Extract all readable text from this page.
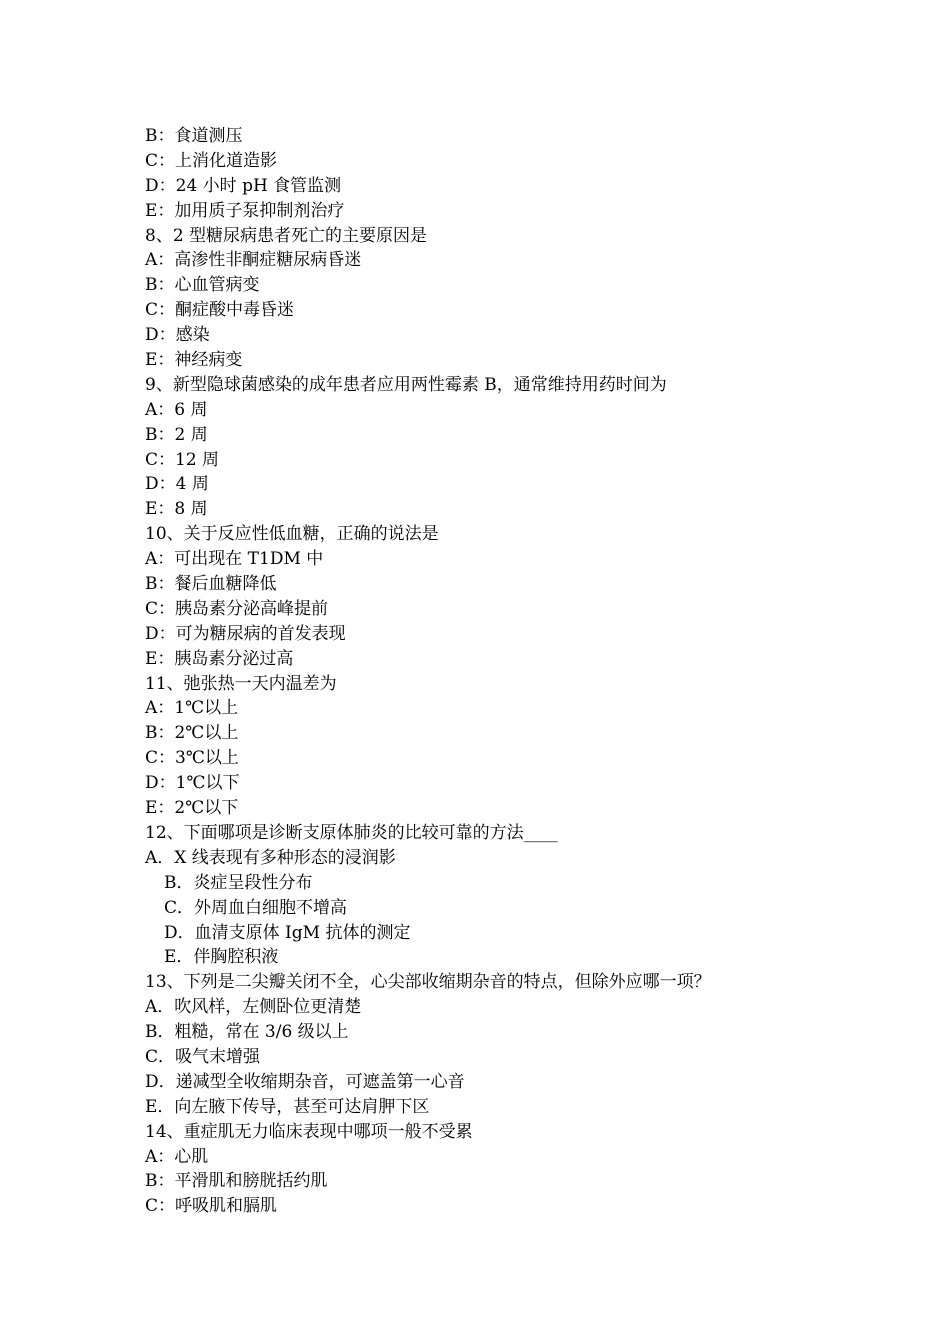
B：食道测压
C：上消化道造影
D：24 小时 pH 食管监测
E：加用质子泵抑制剂治疗
8、2 型糖尿病患者死亡的主要原因是
A：高渗性非酮症糖尿病昏迷
B：心血管病变
C：酮症酸中毒昏迷
D：感染
E：神经病变
9、新型隐球菌感染的成年患者应用两性霉素 B，通常维持用药时间为
A：6 周
B：2 周
C：12 周
D：4 周
E：8 周
10、关于反应性低血糖，正确的说法是
A：可出现在 T1DM 中
B：餐后血糖降低
C：胰岛素分泌高峰提前
D：可为糖尿病的首发表现
E：胰岛素分泌过高
11、弛张热一天内温差为
A：1℃以上
B：2℃以上
C：3℃以上
D：1℃以下
E：2℃以下
12、下面哪项是诊断支原体肺炎的比较可靠的方法____
A．X 线表现有多种形态的浸润影
B．炎症呈段性分布
C．外周血白细胞不增高
D．血清支原体 IgM 抗体的测定
E．伴胸腔积液
13、下列是二尖瓣关闭不全，心尖部收缩期杂音的特点，但除外应哪一项？
A．吹风样，左侧卧位更清楚
B．粗糙，常在 3/6 级以上
C．吸气末增强
D．递减型全收缩期杂音，可遮盖第一心音
E．向左腋下传导，甚至可达肩胛下区
14、重症肌无力临床表现中哪项一般不受累
A：心肌
B：平滑肌和膀胱括约肌
C：呼吸肌和膈肌
